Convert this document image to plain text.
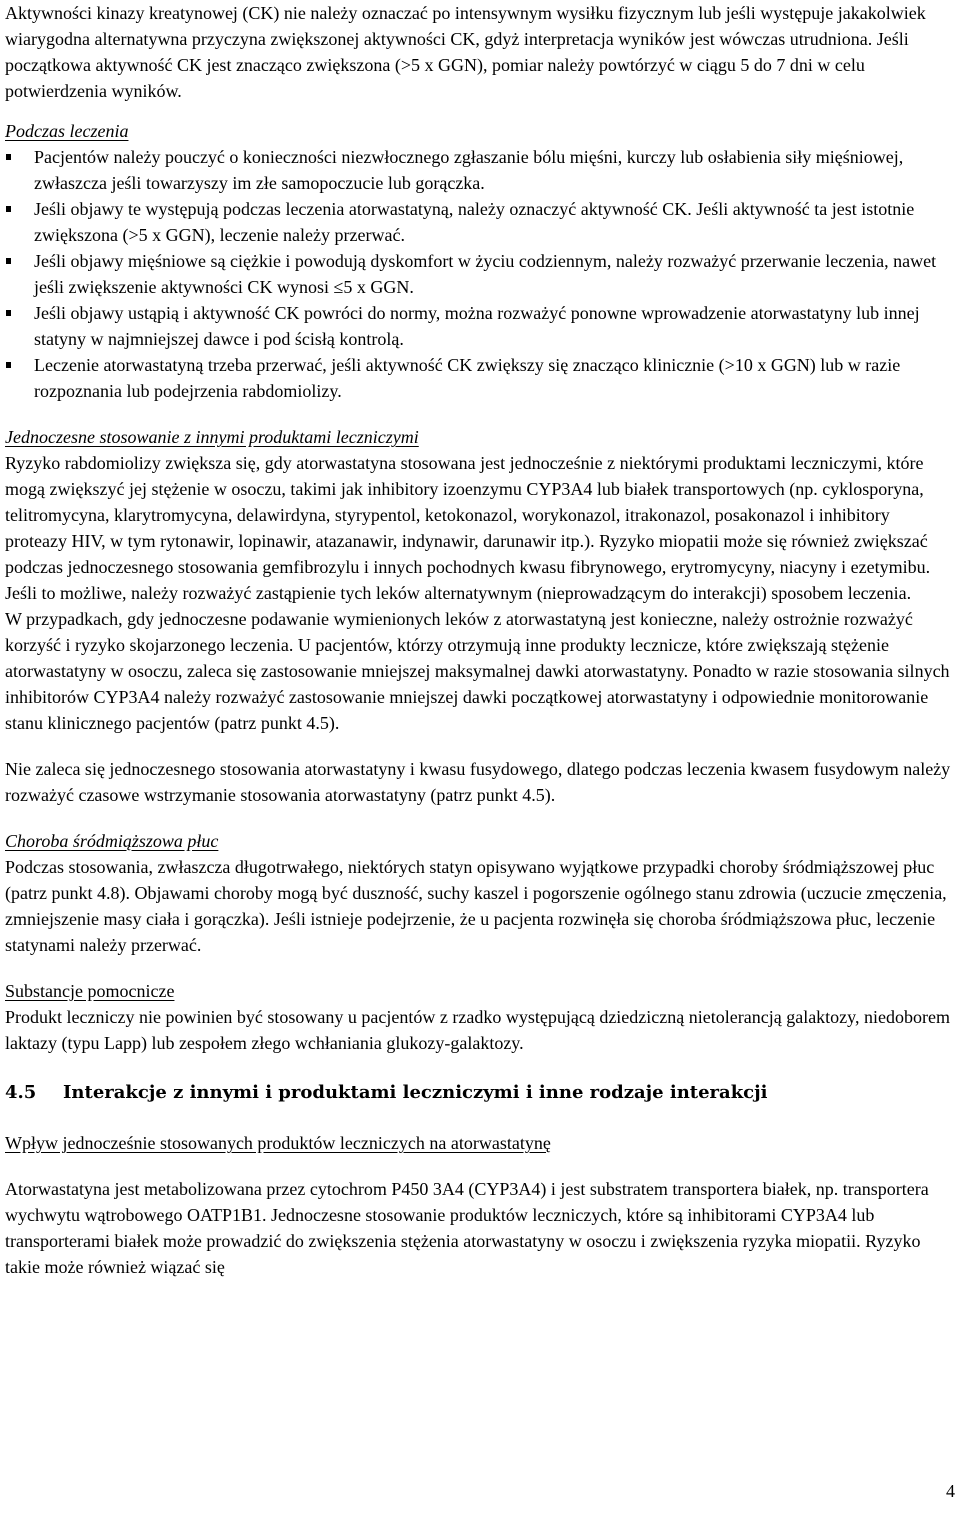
Aktywności kinazy kreatynowej (CK) nie należy oznaczać po intensywnym wysiłku fizycznym lub jeśli występuje jakakolwiek wiarygodna alternatywna przyczyna zwiększonej aktywności CK, gdyż interpretacja wyników jest wówczas utrudniona. Jeśli początkowa aktywność CK jest znacząco zwiększona (>5 x GGN), pomiar należy powtórzyć w ciągu 5 do 7 dni w celu potwierdzenia wyników.

Podczas leczenia

Pacjentów należy pouczyć o konieczności niezwłocznego zgłaszanie bólu mięśni, kurczy lub osłabienia siły mięśniowej, zwłaszcza jeśli towarzyszy im złe samopoczucie lub gorączka.
Jeśli objawy te występują podczas leczenia atorwastatyną, należy oznaczyć aktywność CK. Jeśli aktywność ta jest istotnie zwiększona (>5 x GGN), leczenie należy przerwać.
Jeśli objawy mięśniowe są ciężkie i powodują dyskomfort w życiu codziennym, należy rozważyć przerwanie leczenia, nawet jeśli zwiększenie aktywności CK wynosi ≤5 x GGN.
Jeśli objawy ustąpią i aktywność CK powróci do normy, można rozważyć ponowne wprowadzenie atorwastatyny lub innej statyny w najmniejszej dawce i pod ścisłą kontrolą.
Leczenie atorwastatyną trzeba przerwać, jeśli aktywność CK zwiększy się znacząco klinicznie (>10 x GGN) lub w razie rozpoznania lub podejrzenia rabdomiolizy.

Jednoczesne stosowanie z innymi produktami leczniczymi

Ryzyko rabdomiolizy zwiększa się, gdy atorwastatyna stosowana jest jednocześnie z niektórymi produktami leczniczymi, które mogą zwiększyć jej stężenie w osoczu, takimi jak inhibitory izoenzymu CYP3A4 lub białek transportowych (np. cyklosporyna, telitromycyna, klarytromycyna, delawirdyna, styrypentol, ketokonazol, worykonazol, itrakonazol, posakonazol i inhibitory proteazy HIV, w tym rytonawir, lopinawir, atazanawir, indynawir, darunawir itp.). Ryzyko miopatii może się również zwiększać podczas jednoczesnego stosowania gemfibrozylu i innych pochodnych kwasu fibrynowego, erytromycyny, niacyny i ezetymibu. Jeśli to możliwe, należy rozważyć zastąpienie tych leków alternatywnym (nieprowadzącym do interakcji) sposobem leczenia.

W przypadkach, gdy jednoczesne podawanie wymienionych leków z atorwastatyną jest konieczne, należy ostrożnie rozważyć korzyść i ryzyko skojarzonego leczenia. U pacjentów, którzy otrzymują inne produkty lecznicze, które zwiększają stężenie atorwastatyny w osoczu, zaleca się zastosowanie mniejszej maksymalnej dawki atorwastatyny. Ponadto w razie stosowania silnych inhibitorów CYP3A4 należy rozważyć zastosowanie mniejszej dawki początkowej atorwastatyny i odpowiednie monitorowanie stanu klinicznego pacjentów (patrz punkt 4.5).

Nie zaleca się jednoczesnego stosowania atorwastatyny i kwasu fusydowego, dlatego podczas leczenia kwasem fusydowym należy rozważyć czasowe wstrzymanie stosowania atorwastatyny (patrz punkt 4.5).

Choroba śródmiąższowa płuc

Podczas stosowania, zwłaszcza długotrwałego, niektórych statyn opisywano wyjątkowe przypadki choroby śródmiąższowej płuc (patrz punkt 4.8). Objawami choroby mogą być duszność, suchy kaszel i pogorszenie ogólnego stanu zdrowia (uczucie zmęczenia, zmniejszenie masy ciała i gorączka). Jeśli istnieje podejrzenie, że u pacjenta rozwinęła się choroba śródmiąższowa płuc, leczenie statynami należy przerwać.

Substancje pomocnicze

Produkt leczniczy nie powinien być stosowany u pacjentów z rzadko występującą dziedziczną nietolerancją galaktozy, niedoborem laktazy (typu Lapp) lub zespołem złego wchłaniania glukozy-galaktozy.

4.5	Interakcje z innymi i produktami leczniczymi i inne rodzaje interakcji

Wpływ jednocześnie stosowanych produktów leczniczych na atorwastatynę

Atorwastatyna jest metabolizowana przez cytochrom P450 3A4 (CYP3A4) i jest substratem transportera białek, np. transportera wychwytu wątrobowego OATP1B1. Jednoczesne stosowanie produktów leczniczych, które są inhibitorami CYP3A4 lub transporterami białek może prowadzić do zwiększenia stężenia atorwastatyny w osoczu i zwiększenia ryzyka miopatii. Ryzyko takie może również wiązać się

4
